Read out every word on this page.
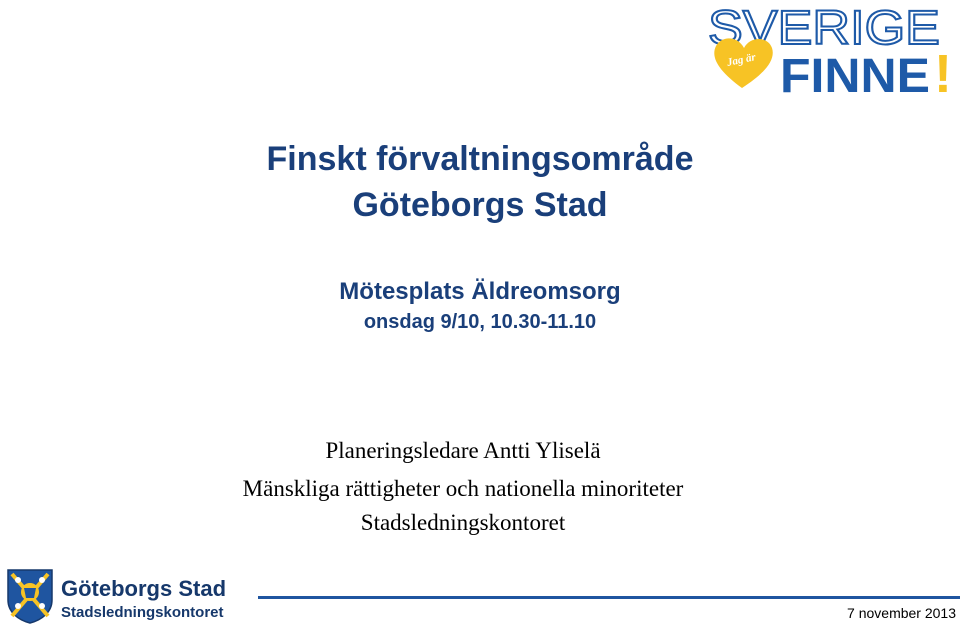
SVERIGE
Jag är FINNE !
Finskt förvaltningsområde
Göteborgs Stad
Mötesplats Äldreomsorg
onsdag 9/10, 10.30-11.10
Planeringsledare Antti Yliselä
Mänskliga rättigheter och nationella minoriteter
Stadsledningskontoret
Göteborgs Stad
Stadsledningskontoret	7 november 2013
